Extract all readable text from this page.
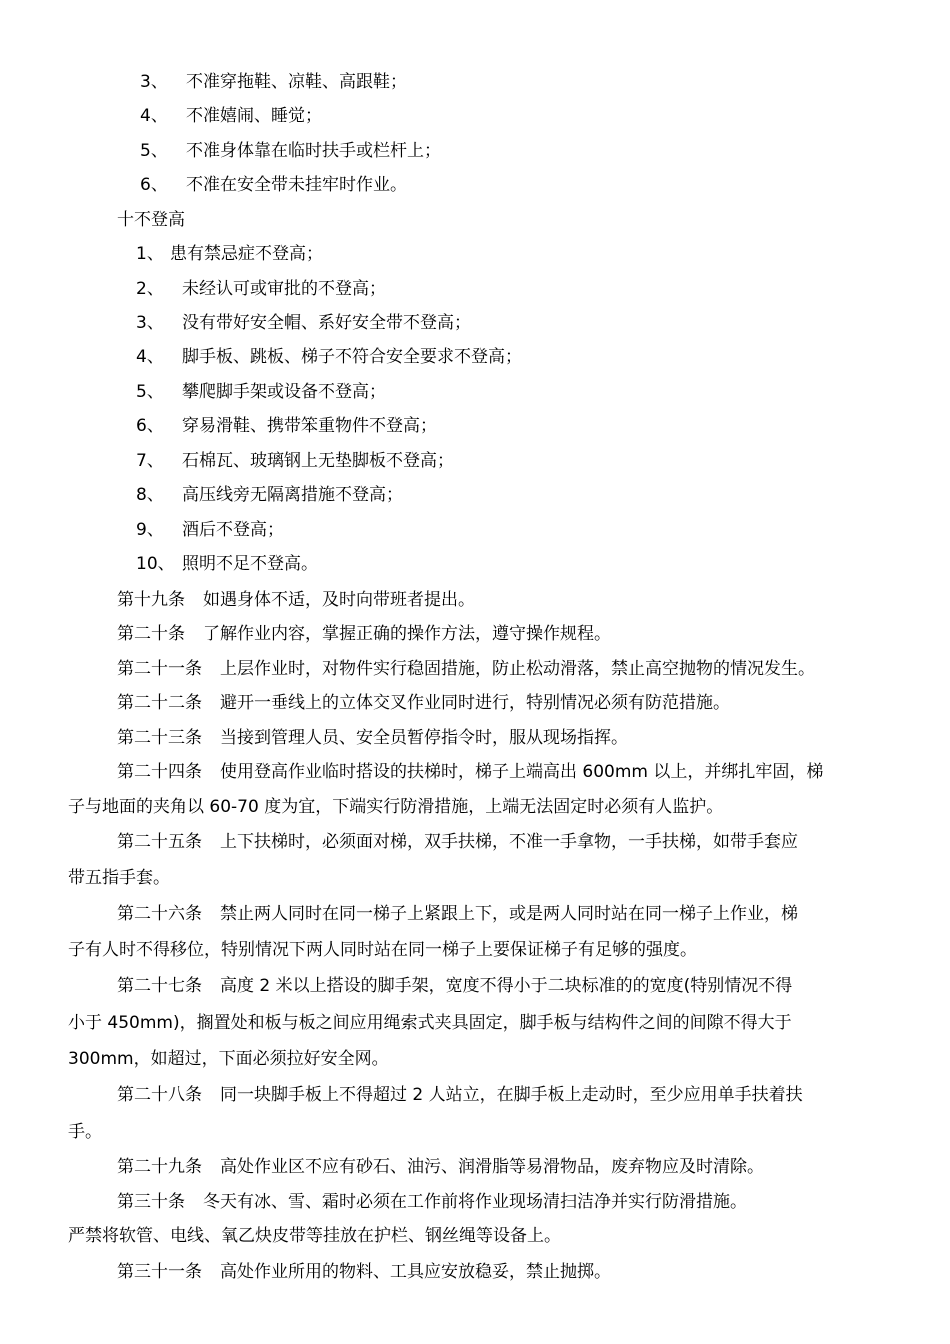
3、 不准穿拖鞋、凉鞋、高跟鞋；
4、 不准嬉闹、睡觉；
5、 不准身体靠在临时扶手或栏杆上；
6、 不准在安全带未挂牢时作业。
十不登高
1、 患有禁忌症不登高；
2、 未经认可或审批的不登高；
3、 没有带好安全帽、系好安全带不登高；
4、 脚手板、跳板、梯子不符合安全要求不登高；
5、 攀爬脚手架或设备不登高；
6、 穿易滑鞋、携带笨重物件不登高；
7、 石棉瓦、玻璃钢上无垫脚板不登高；
8、 高压线旁无隔离措施不登高；
9、 酒后不登高；
10、 照明不足不登高。
第十九条 如遇身体不适，及时向带班者提出。
第二十条 了解作业内容，掌握正确的操作方法，遵守操作规程。
第二十一条 上层作业时，对物件实行稳固措施，防止松动滑落，禁止高空抛物的情况发生。
第二十二条 避开一垂线上的立体交叉作业同时进行，特别情况必须有防范措施。
第二十三条 当接到管理人员、安全员暂停指令时，服从现场指挥。
第二十四条 使用登高作业临时搭设的扶梯时，梯子上端高出 600mm 以上，并绑扎牢固，梯
子与地面的夹角以 60-70 度为宜，下端实行防滑措施，上端无法固定时必须有人监护。
第二十五条 上下扶梯时，必须面对梯，双手扶梯，不准一手拿物，一手扶梯，如带手套应
带五指手套。
第二十六条 禁止两人同时在同一梯子上紧跟上下，或是两人同时站在同一梯子上作业，梯
子有人时不得移位，特别情况下两人同时站在同一梯子上要保证梯子有足够的强度。
第二十七条 高度 2 米以上搭设的脚手架，宽度不得小于二块标准的的宽度(特别情况不得
小于 450mm)，搁置处和板与板之间应用绳索式夹具固定，脚手板与结构件之间的间隙不得大于
300mm，如超过，下面必须拉好安全网。
第二十八条 同一块脚手板上不得超过 2 人站立，在脚手板上走动时，至少应用单手扶着扶
手。
第二十九条 高处作业区不应有砂石、油污、润滑脂等易滑物品，废弃物应及时清除。
第三十条 冬天有冰、雪、霜时必须在工作前将作业现场清扫洁净并实行防滑措施。
严禁将软管、电线、氧乙炔皮带等挂放在护栏、钢丝绳等设备上。
第三十一条 高处作业所用的物料、工具应安放稳妥，禁止抛掷。
